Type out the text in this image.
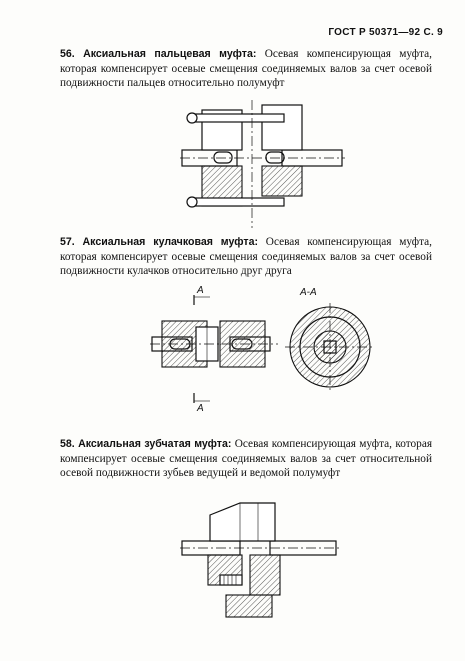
ГОСТ Р 50371—92 С. 9
56. Аксиальная пальцевая муфта: Осевая компенсирующая муфта, которая компенсирует осевые смещения соединяемых валов за счет осевой подвижности пальцев относительно полумуфт
57. Аксиальная кулачковая муфта: Осевая компенсирующая муфта, которая компенсирует осевые смещения соединяемых валов за счет осевой подвижности кулачков относительно друг друга
A
A
А-А
58. Аксиальная зубчатая муфта: Осевая компенсирующая муфта, которая компенсирует осевые смещения соединяемых валов за счет относительной осевой подвижности зубьев ведущей и ведомой полумуфт
